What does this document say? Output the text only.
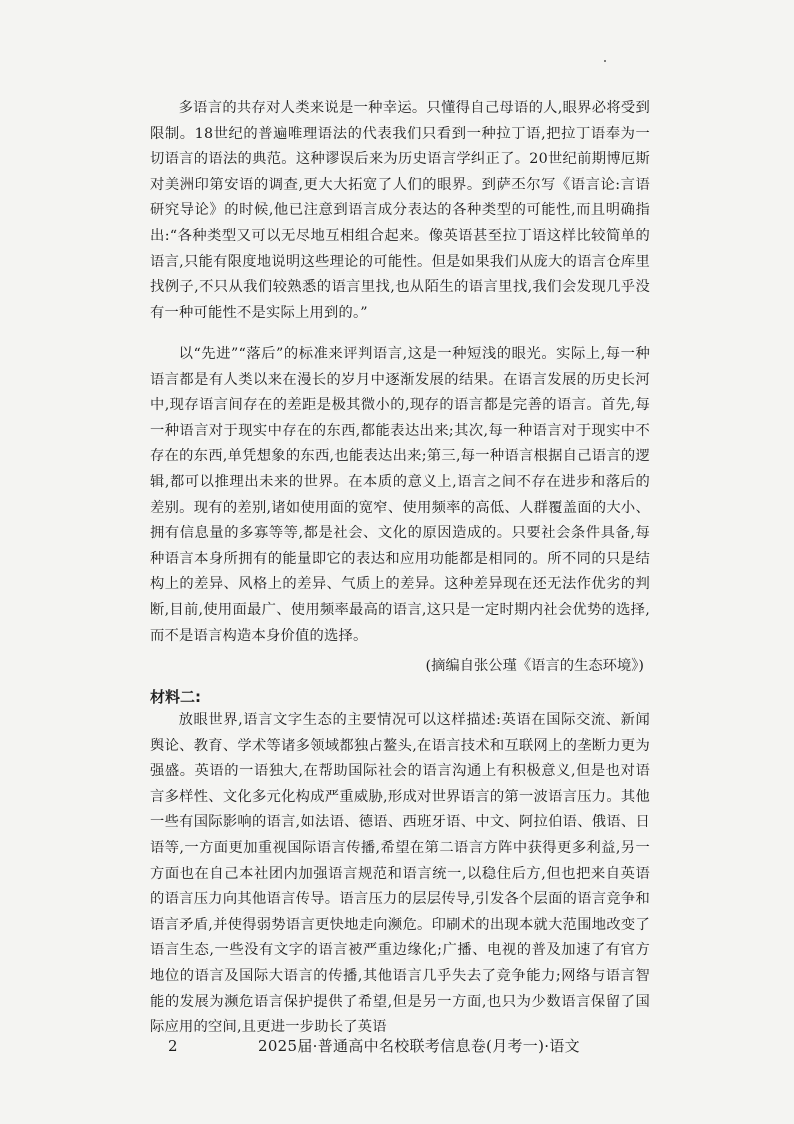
多语言的共存对人类来说是一种幸运。只懂得自己母语的人,眼界必将受到限制。18世纪的普遍唯理语法的代表我们只看到一种拉丁语,把拉丁语奉为一切语言的语法的典范。这种谬误后来为历史语言学纠正了。20世纪前期博厄斯对美洲印第安语的调查,更大大拓宽了人们的眼界。到萨丕尔写《语言论:言语研究导论》的时候,他已注意到语言成分表达的各种类型的可能性,而且明确指出:“各种类型又可以无尽地互相组合起来。像英语甚至拉丁语这样比较简单的语言,只能有限度地说明这些理论的可能性。但是如果我们从庞大的语言仓库里找例子,不只从我们较熟悉的语言里找,也从陌生的语言里找,我们会发现几乎没有一种可能性不是实际上用到的。”

以“先进”“落后”的标准来评判语言,这是一种短浅的眼光。实际上,每一种语言都是有人类以来在漫长的岁月中逐渐发展的结果。在语言发展的历史长河中,现存语言间存在的差距是极其微小的,现存的语言都是完善的语言。首先,每一种语言对于现实中存在的东西,都能表达出来;其次,每一种语言对于现实中不存在的东西,单凭想象的东西,也能表达出来;第三,每一种语言根据自己语言的逻辑,都可以推理出未来的世界。在本质的意义上,语言之间不存在进步和落后的差别。现有的差别,诸如使用面的宽窄、使用频率的高低、人群覆盖面的大小、拥有信息量的多寡等等,都是社会、文化的原因造成的。只要社会条件具备,每种语言本身所拥有的能量即它的表达和应用功能都是相同的。所不同的只是结构上的差异、风格上的差异、气质上的差异。这种差异现在还无法作优劣的判断,目前,使用面最广、使用频率最高的语言,这只是一定时期内社会优势的选择,而不是语言构造本身价值的选择。

(摘编自张公瑾《语言的生态环境》)
材料二:

放眼世界,语言文字生态的主要情况可以这样描述:英语在国际交流、新闻舆论、教育、学术等诸多领域都独占鳌头,在语言技术和互联网上的垄断力更为强盛。英语的一语独大,在帮助国际社会的语言沟通上有积极意义,但是也对语言多样性、文化多元化构成严重威胁,形成对世界语言的第一波语言压力。其他一些有国际影响的语言,如法语、德语、西班牙语、中文、阿拉伯语、俄语、日语等,一方面更加重视国际语言传播,希望在第二语言方阵中获得更多利益,另一方面也在自己本社团内加强语言规范和语言统一,以稳住后方,但也把来自英语的语言压力向其他语言传导。语言压力的层层传导,引发各个层面的语言竞争和语言矛盾,并使得弱势语言更快地走向濒危。印刷术的出现本就大范围地改变了语言生态,一些没有文字的语言被严重边缘化;广播、电视的普及加速了有官方地位的语言及国际大语言的传播,其他语言几乎失去了竞争能力;网络与语言智能的发展为濒危语言保护提供了希望,但是另一方面,也只为少数语言保留了国际应用的空间,且更进一步助长了英语

2	2025届·普通高中名校联考信息卷(月考一)·语文
